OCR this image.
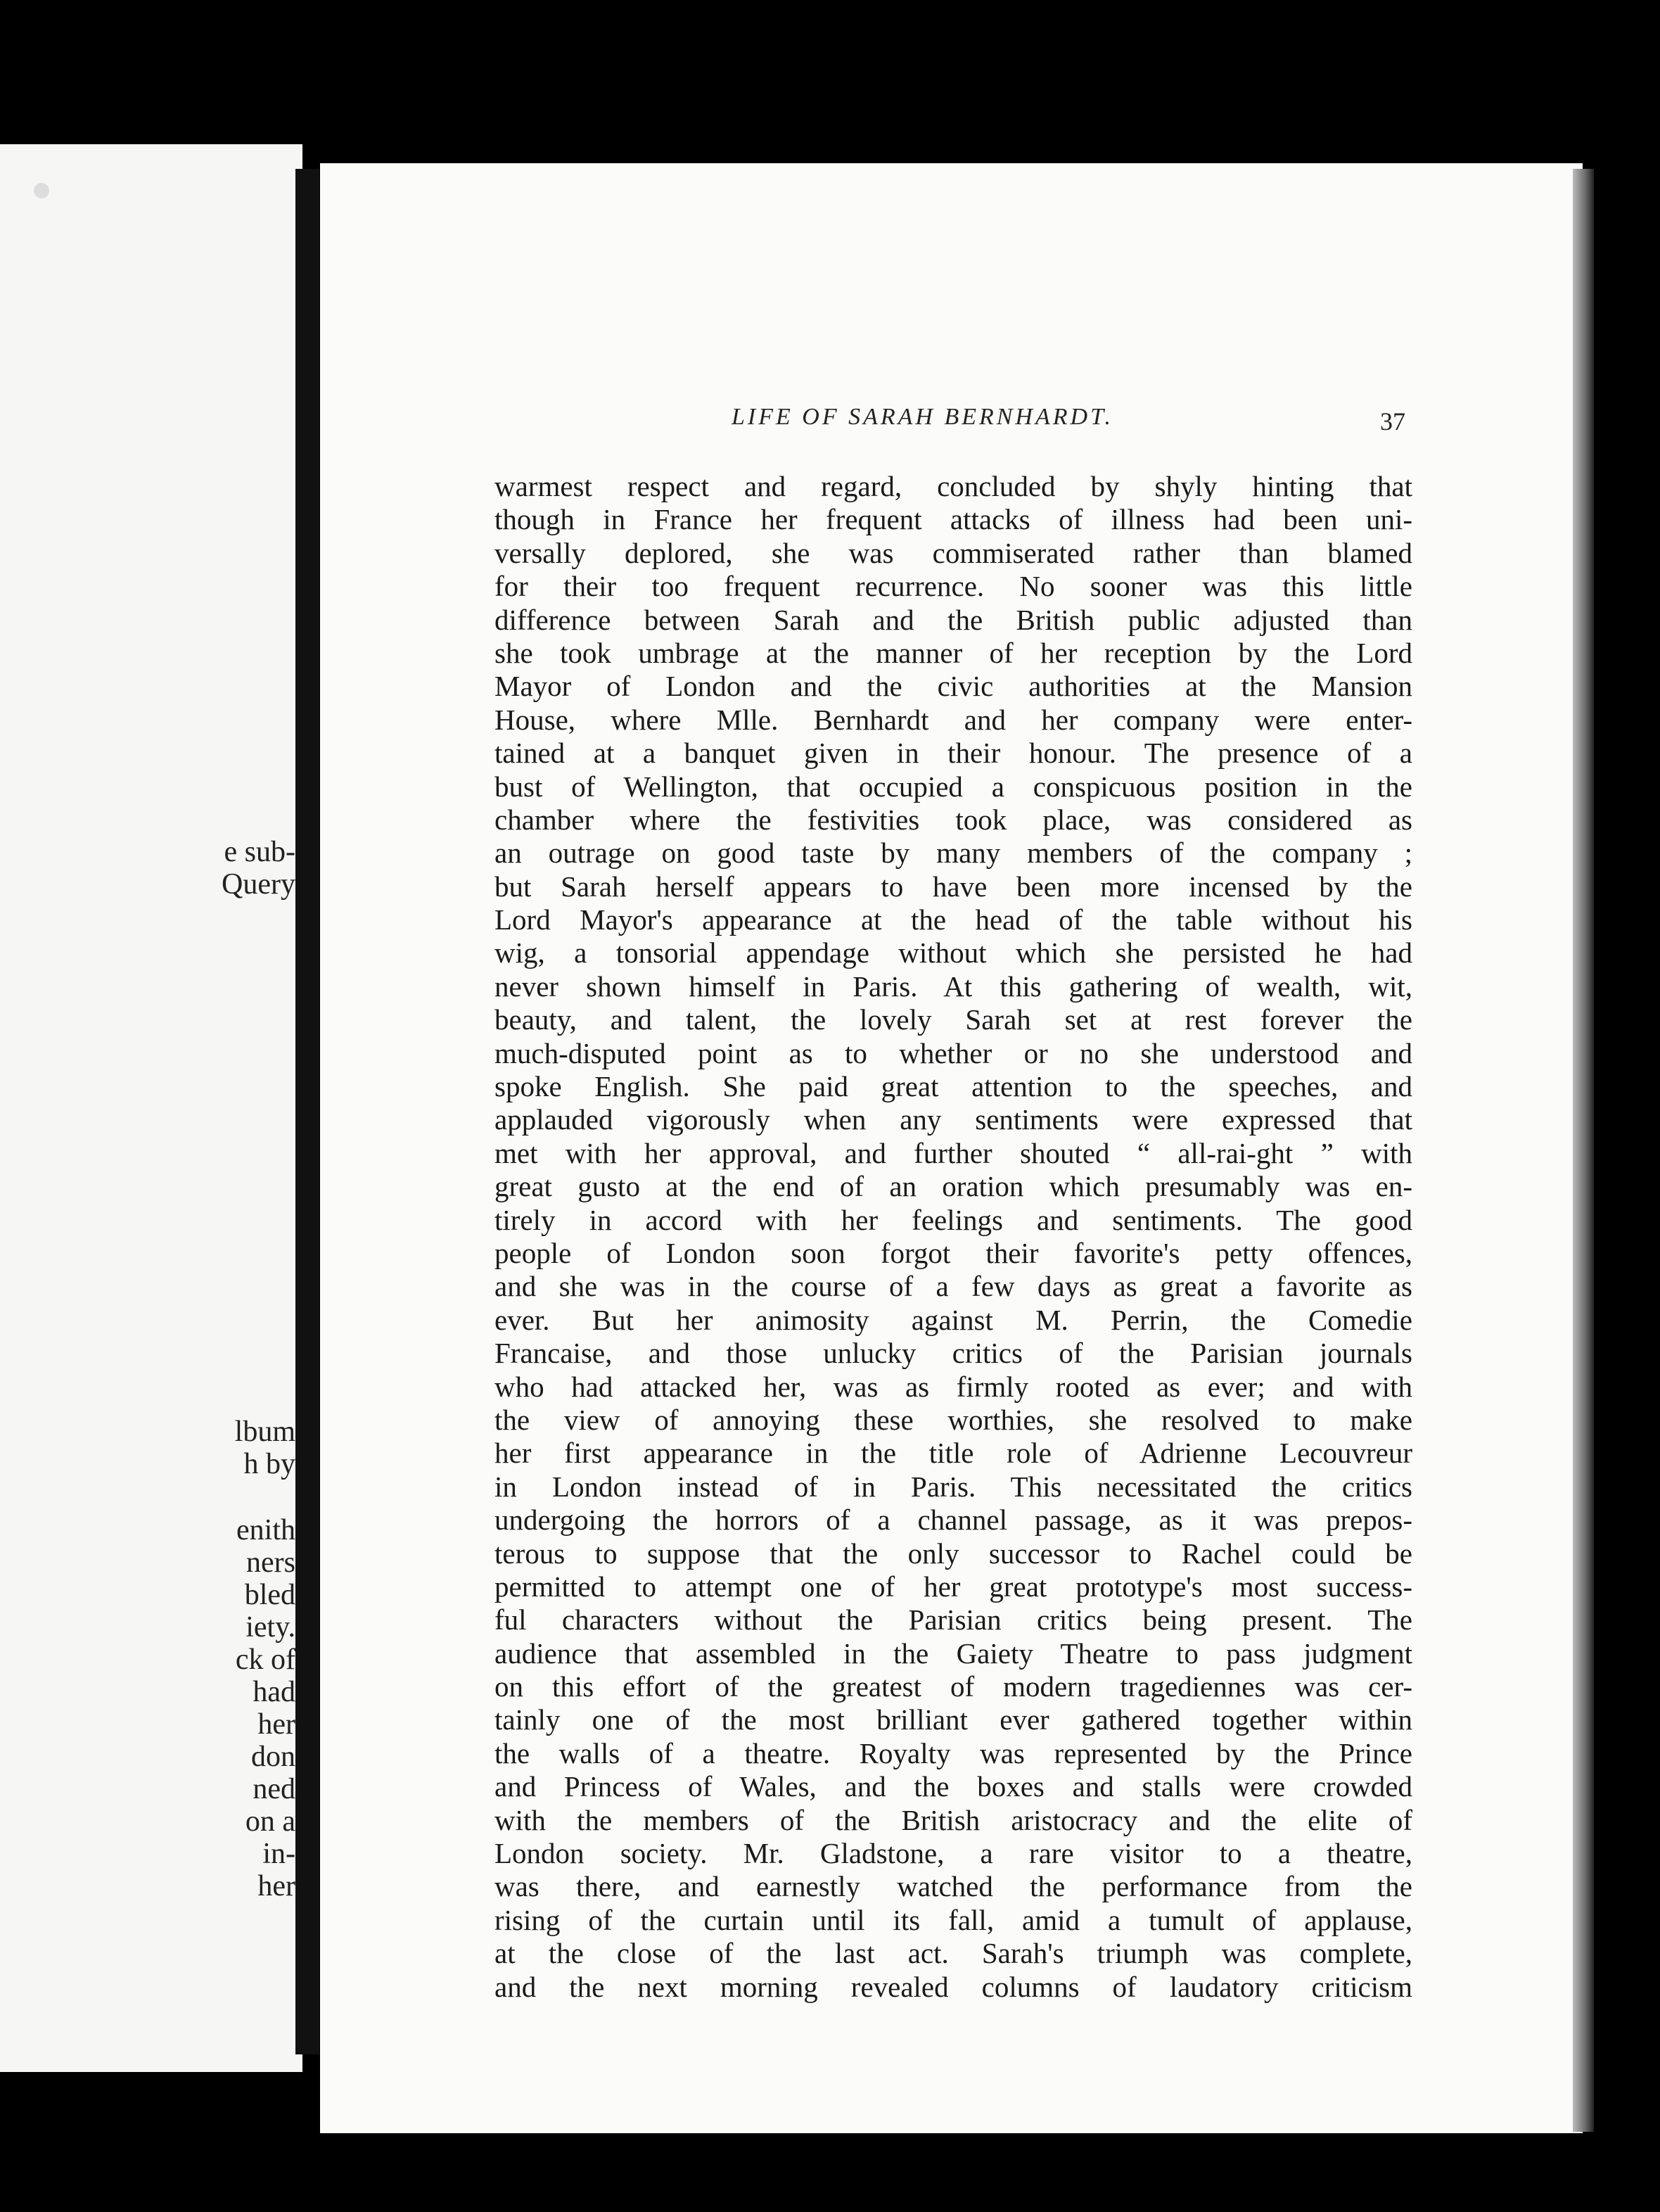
e sub-
Query
lbum
h by
enith
ners
bled
iety.
ck of
had
her
don
ned
on a
in-
her
LIFE OF SARAH BERNHARDT.	37
warmest respect and regard, concluded by shyly hinting that
though in France her frequent attacks of illness had been uni-
versally deplored, she was commiserated rather than blamed
for their too frequent recurrence. No sooner was this little
difference between Sarah and the British public adjusted than
she took umbrage at the manner of her reception by the Lord
Mayor of London and the civic authorities at the Mansion
House, where Mlle. Bernhardt and her company were enter-
tained at a banquet given in their honour. The presence of a
bust of Wellington, that occupied a conspicuous position in the
chamber where the festivities took place, was considered as
an outrage on good taste by many members of the company ;
but Sarah herself appears to have been more incensed by the
Lord Mayor's appearance at the head of the table without his
wig, a tonsorial appendage without which she persisted he had
never shown himself in Paris. At this gathering of wealth, wit,
beauty, and talent, the lovely Sarah set at rest forever the
much-disputed point as to whether or no she understood and
spoke English. She paid great attention to the speeches, and
applauded vigorously when any sentiments were expressed that
met with her approval, and further shouted “ all-rai-ght ” with
great gusto at the end of an oration which presumably was en-
tirely in accord with her feelings and sentiments. The good
people of London soon forgot their favorite's petty offences,
and she was in the course of a few days as great a favorite as
ever. But her animosity against M. Perrin, the Comedie
Francaise, and those unlucky critics of the Parisian journals
who had attacked her, was as firmly rooted as ever; and with
the view of annoying these worthies, she resolved to make
her first appearance in the title role of Adrienne Lecouvreur
in London instead of in Paris. This necessitated the critics
undergoing the horrors of a channel passage, as it was prepos-
terous to suppose that the only successor to Rachel could be
permitted to attempt one of her great prototype's most success-
ful characters without the Parisian critics being present. The
audience that assembled in the Gaiety Theatre to pass judgment
on this effort of the greatest of modern tragediennes was cer-
tainly one of the most brilliant ever gathered together within
the walls of a theatre. Royalty was represented by the Prince
and Princess of Wales, and the boxes and stalls were crowded
with the members of the British aristocracy and the elite of
London society. Mr. Gladstone, a rare visitor to a theatre,
was there, and earnestly watched the performance from the
rising of the curtain until its fall, amid a tumult of applause,
at the close of the last act. Sarah's triumph was complete,
and the next morning revealed columns of laudatory criticism
